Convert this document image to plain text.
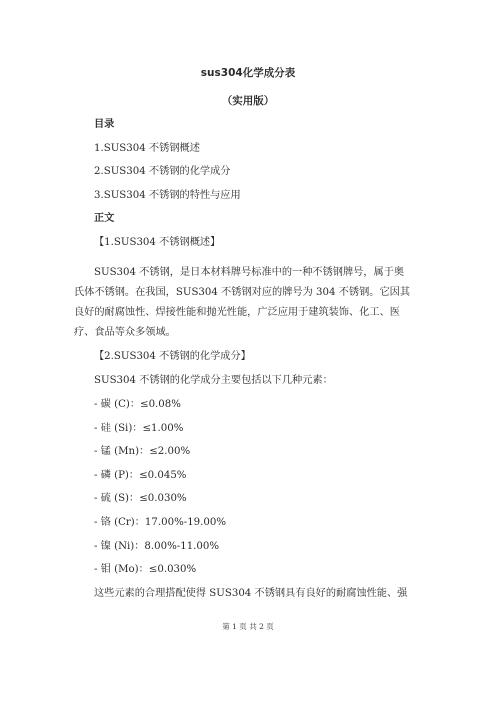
sus304化学成分表
（实用版）
目录
1.SUS304 不锈钢概述
2.SUS304 不锈钢的化学成分
3.SUS304 不锈钢的特性与应用
正文
【1.SUS304 不锈钢概述】
SUS304 不锈钢，是日本材料牌号标准中的一种不锈钢牌号，属于奥
氏体不锈钢。在我国，SUS304 不锈钢对应的牌号为 304 不锈钢。它因其
良好的耐腐蚀性、焊接性能和抛光性能，广泛应用于建筑装饰、化工、医
疗、食品等众多领域。
【2.SUS304 不锈钢的化学成分】
SUS304 不锈钢的化学成分主要包括以下几种元素：
- 碳 (C)：≤0.08%
- 硅 (Si)：≤1.00%
- 锰 (Mn)：≤2.00%
- 磷 (P)：≤0.045%
- 硫 (S)：≤0.030%
- 铬 (Cr)：17.00%-19.00%
- 镍 (Ni)：8.00%-11.00%
- 钼 (Mo)：≤0.030%
这些元素的合理搭配使得 SUS304 不锈钢具有良好的耐腐蚀性能、强
第 1 页 共 2 页
